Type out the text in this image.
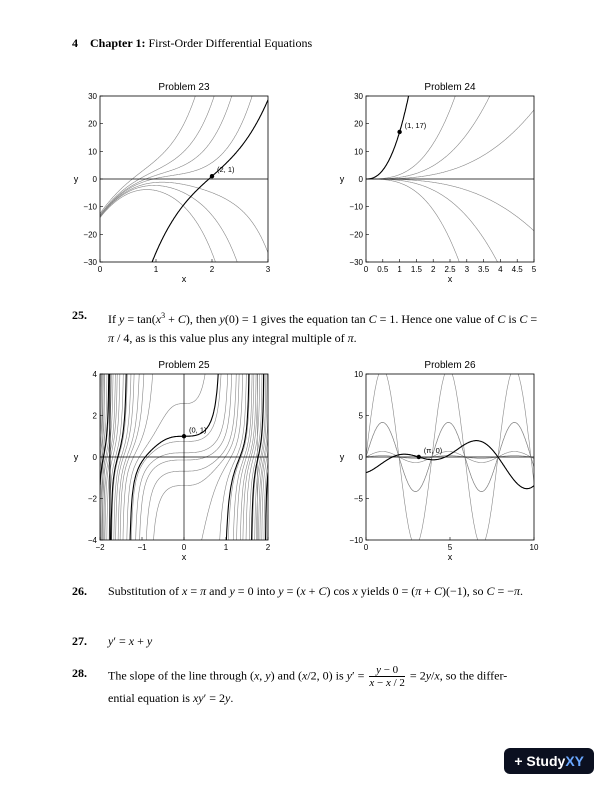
4 Chapter 1: First-Order Differential Equations
Problem 23
0	1	2	3
30
20
10
0
−10
−20
−30
x
y
(2, 1)
Problem 24
0 0.5 1 1.5 2 2.5 3 3.5 4 4.5 5
30
20
10
0
−10
−20
−30
x
y
(1, 17)
Problem 25
−2	−1	0	1	2
4
2
0
−2
−4
x
y
(0, 1)
Problem 26
0	5	10
10
5
0
−5
−10
x
y
(π, 0)
25. If $y = \tan(x^3 + C)$, then y(0) = 1 gives the equation tan C = 1. Hence one value of C is C = π / 4, as is this value plus any integral multiple of π.
26. Substitution of x = π and y = 0 into y = (x + C) cos x yields 0 = (π + C)(−1), so C = −π.
27. y′ = x + y
28. The slope of the line through (x, y) and (x/2, 0) is $y' = \frac{y - 0}{x - x / 2} = 2y/x$, so the differ-
ential equation is xy′ = 2y.
+ StudyXY
